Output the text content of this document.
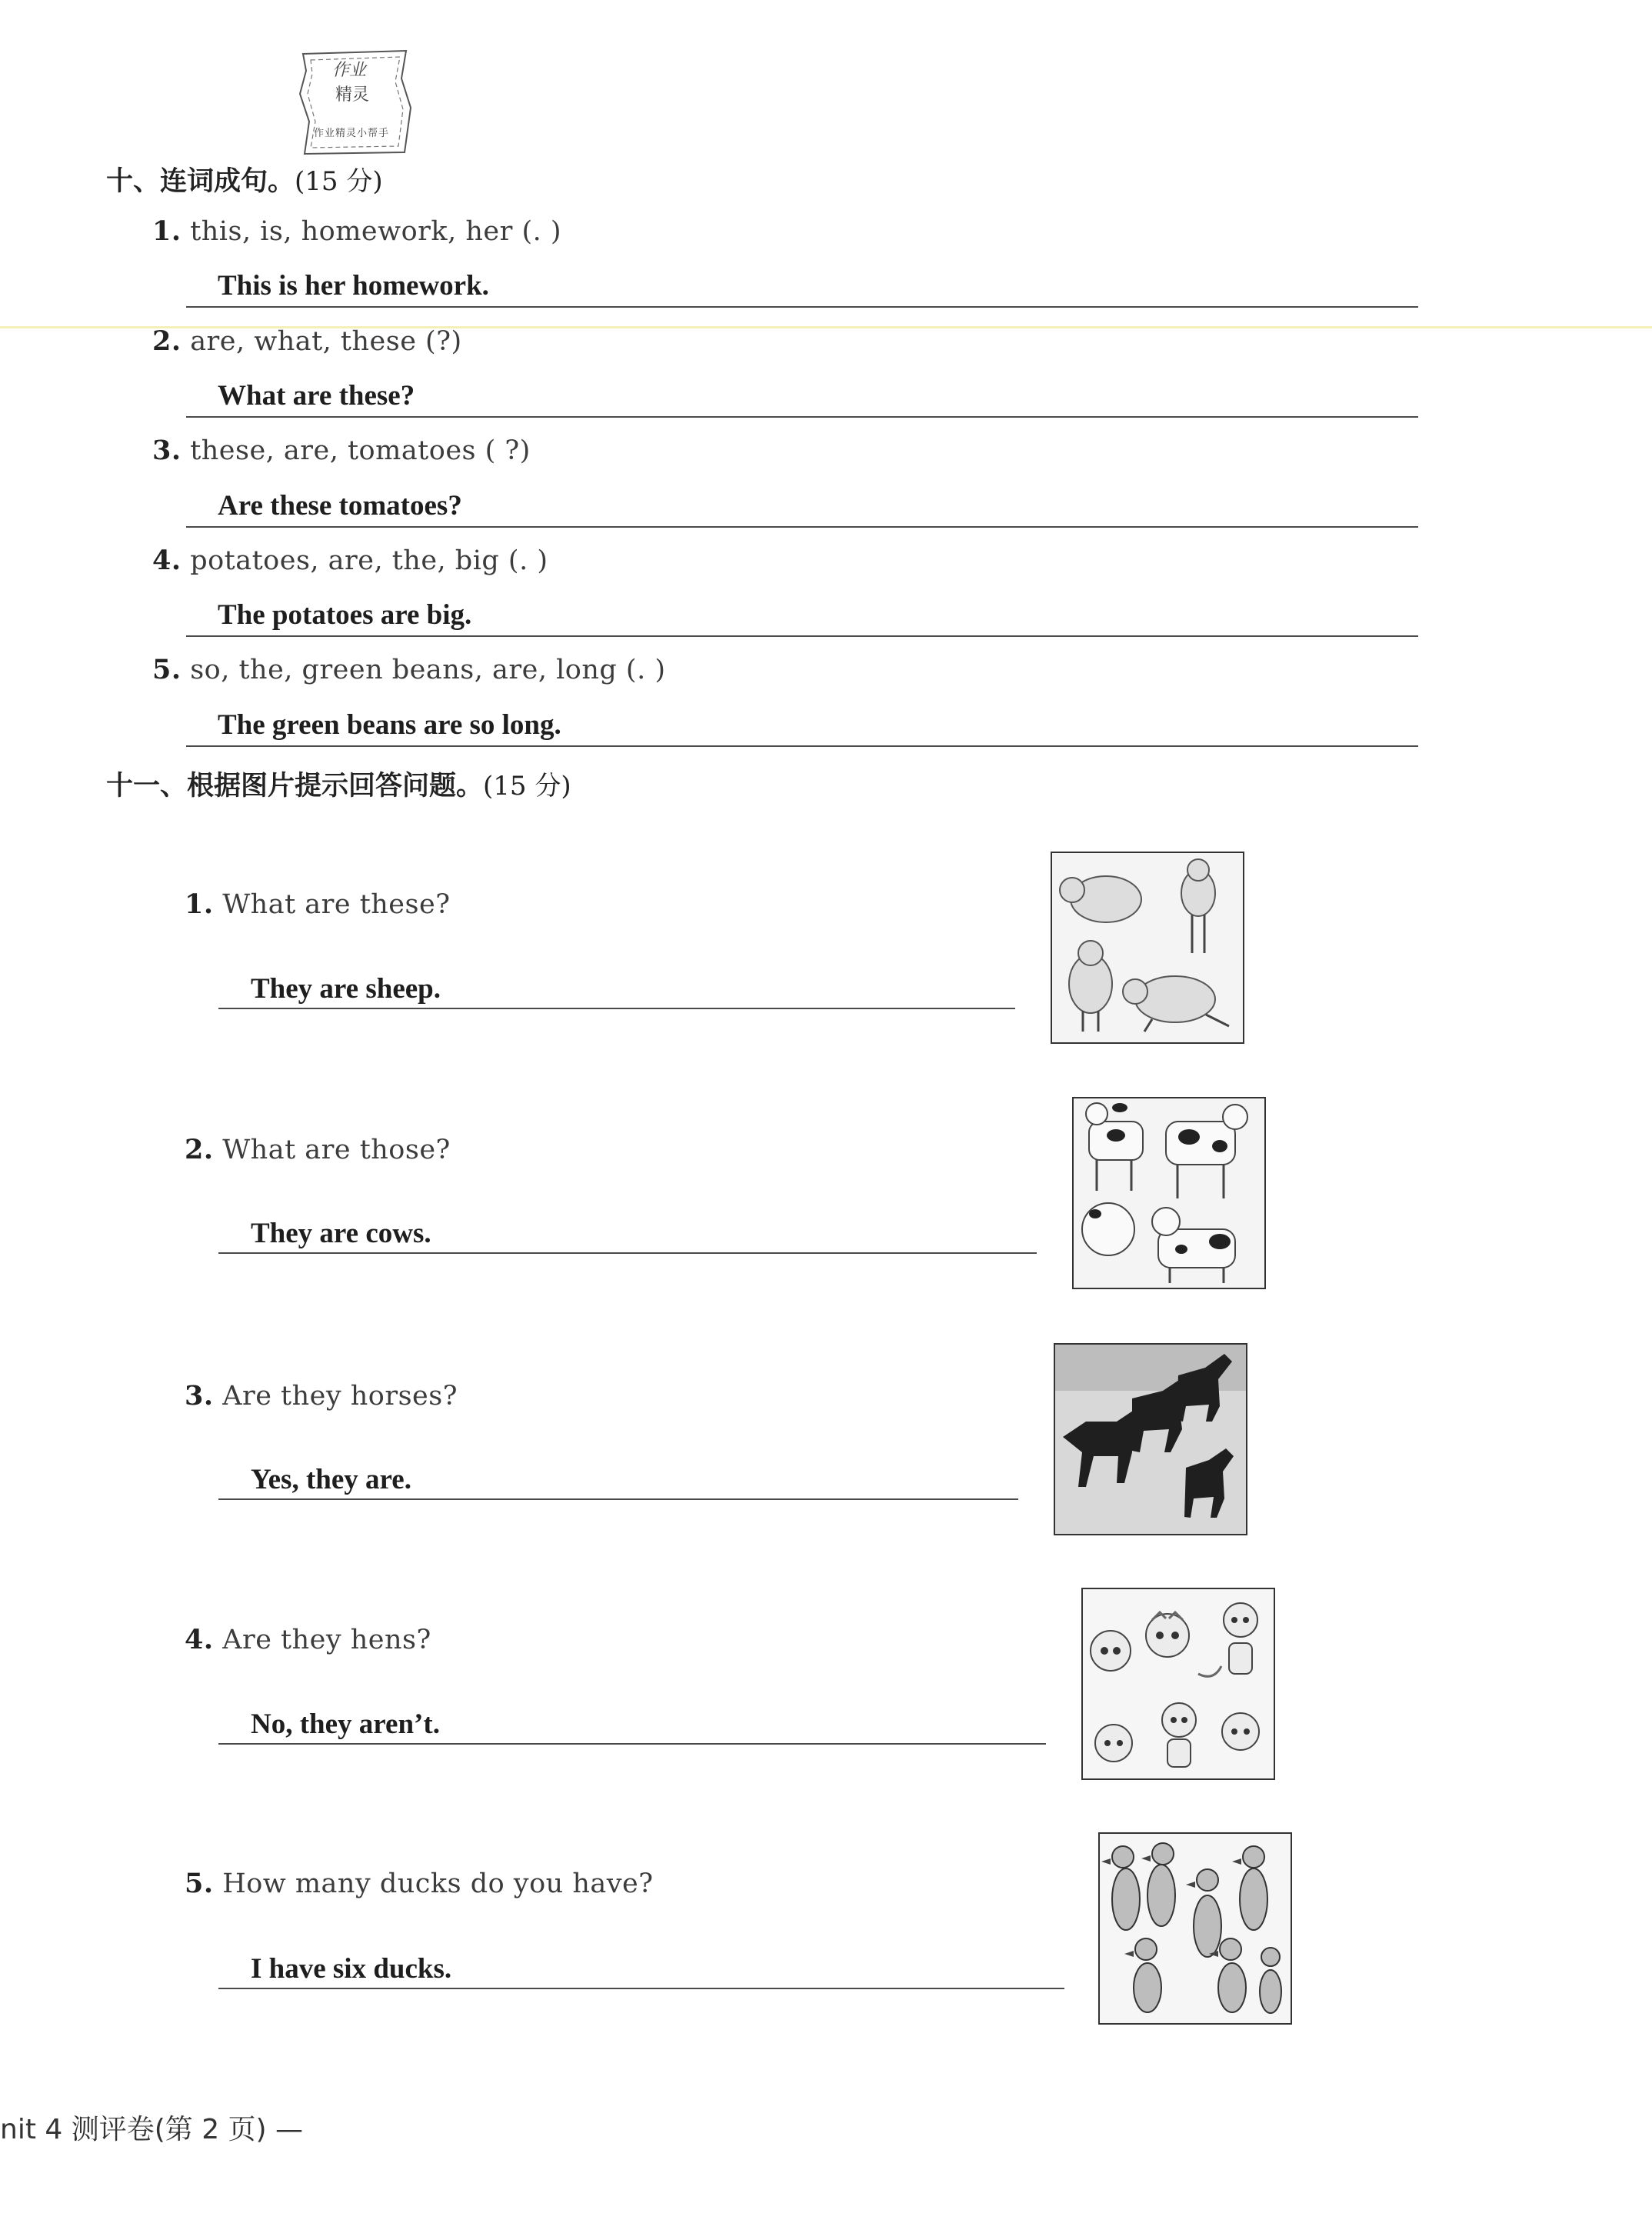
作业
精灵
作业精灵小帮手
十、连词成句。(15 分)
1. this, is, homework, her (. )
This is her homework.
2. are, what, these (?)
What are these?
3. these, are, tomatoes ( ?)
Are these tomatoes?
4. potatoes, are, the, big (. )
The potatoes are big.
5. so, the, green beans, are, long (. )
The green beans are so long.
十一、根据图片提示回答问题。(15 分)
1. What are these?
They are sheep.
2. What are those?
They are cows.
3. Are they horses?
Yes, they are.
4. Are they hens?
No, they aren’t.
5. How many ducks do you have?
I have six ducks.
nit 4 测评卷(第 2 页) —
